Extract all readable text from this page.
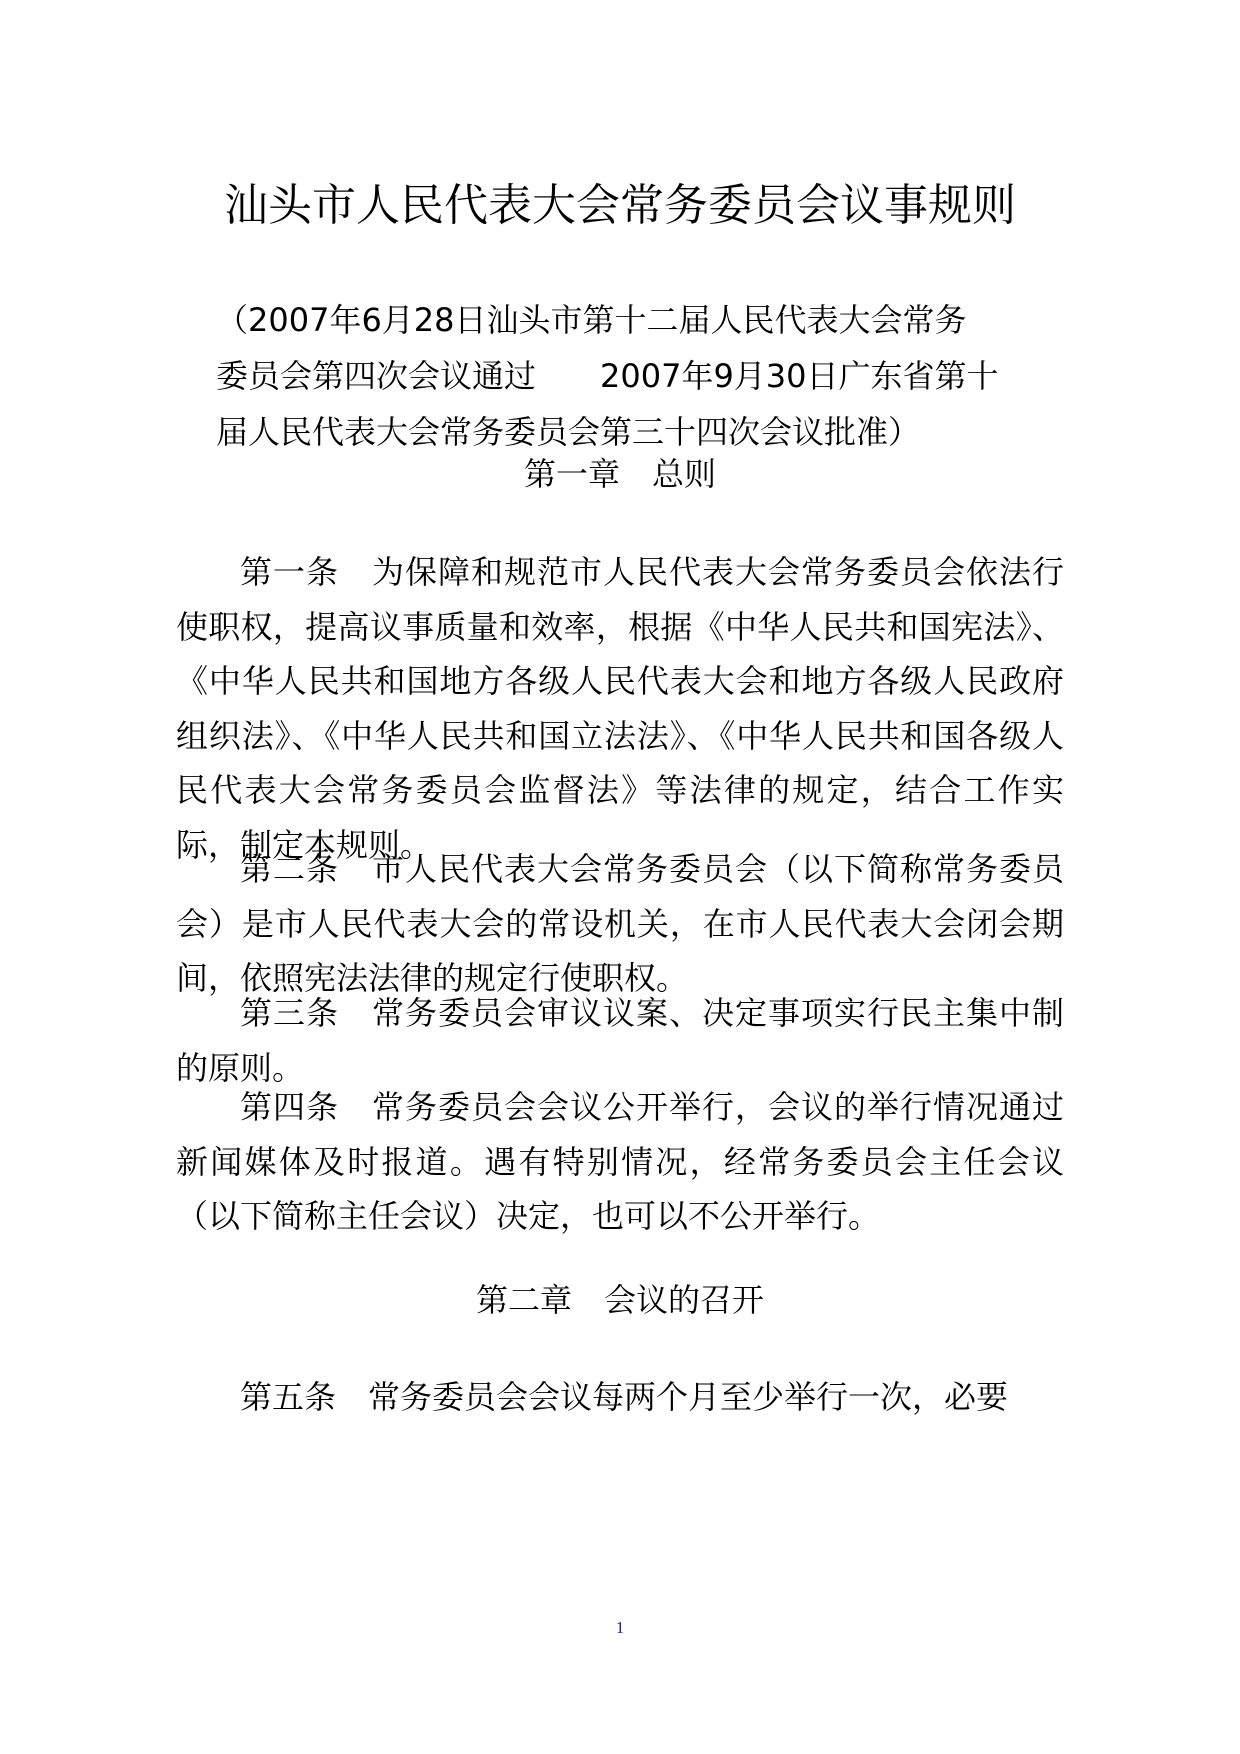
汕头市人民代表大会常务委员会议事规则
（2007年6月28日汕头市第十二届人民代表大会常务
委员会第四次会议通过　　2007年9月30日广东省第十
届人民代表大会常务委员会第三十四次会议批准）
第一章　总则

第一条　为保障和规范市人民代表大会常务委员会依法行使职权，提高议事质量和效率，根据《中华人民共和国宪法》、《中华人民共和国地方各级人民代表大会和地方各级人民政府组织法》、《中华人民共和国立法法》、《中华人民共和国各级人民代表大会常务委员会监督法》等法律的规定，结合工作实际，制定本规则。

第二条　市人民代表大会常务委员会（以下简称常务委员会）是市人民代表大会的常设机关，在市人民代表大会闭会期间，依照宪法法律的规定行使职权。

第三条　常务委员会审议议案、决定事项实行民主集中制的原则。

第四条　常务委员会会议公开举行，会议的举行情况通过新闻媒体及时报道。遇有特别情况，经常务委员会主任会议（以下简称主任会议）决定，也可以不公开举行。

第二章　会议的召开

第五条　常务委员会会议每两个月至少举行一次，必要

1
